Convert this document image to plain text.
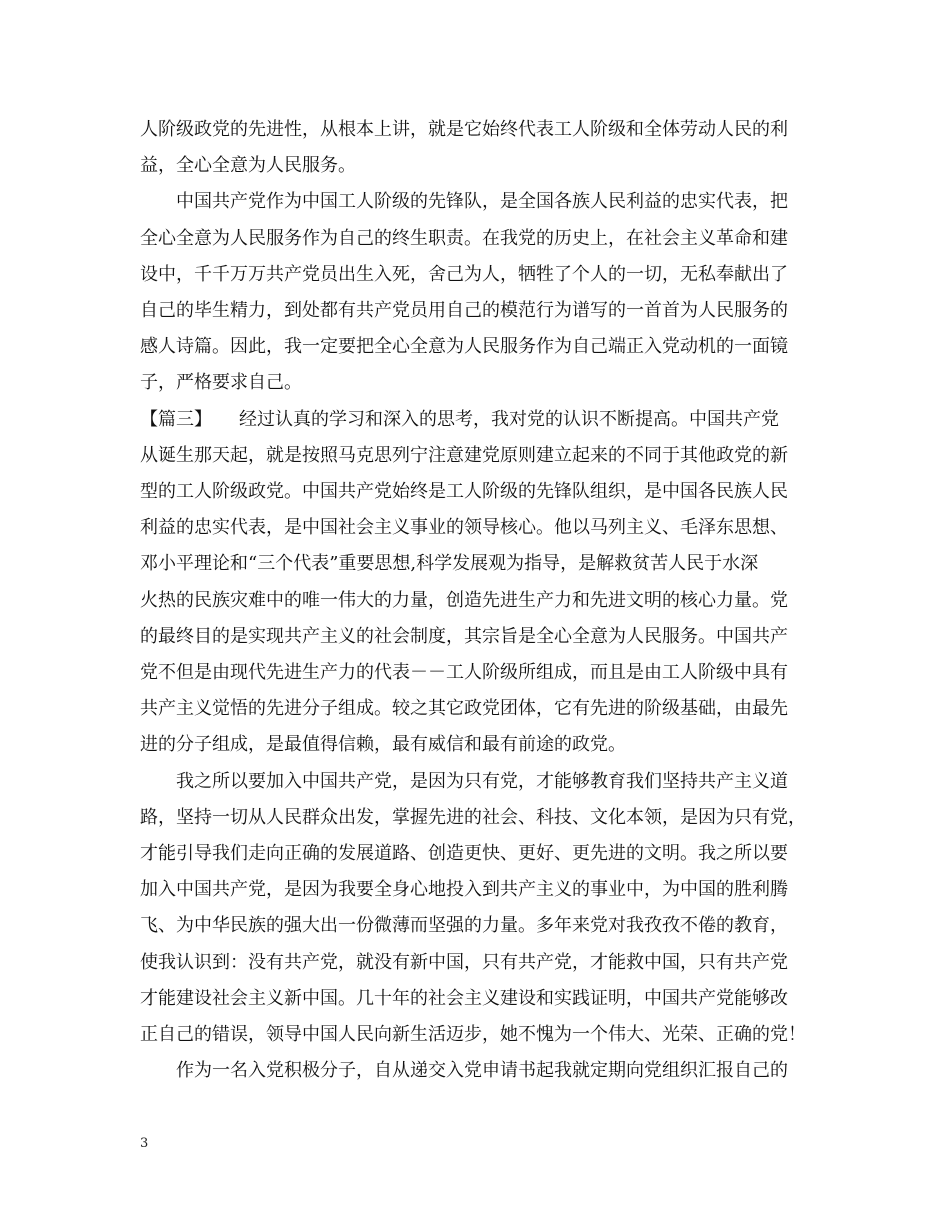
人阶级政党的先进性，从根本上讲，就是它始终代表工人阶级和全体劳动人民的利
益，全心全意为人民服务。
　　中国共产党作为中国工人阶级的先锋队，是全国各族人民利益的忠实代表，把
全心全意为人民服务作为自己的终生职责。在我党的历史上，在社会主义革命和建
设中，千千万万共产党员出生入死，舍己为人，牺牲了个人的一切，无私奉献出了
自己的毕生精力，到处都有共产党员用自己的模范行为谱写的一首首为人民服务的
感人诗篇。因此，我一定要把全心全意为人民服务作为自己端正入党动机的一面镜
子，严格要求自己。
【篇三】　　经过认真的学习和深入的思考，我对党的认识不断提高。中国共产党
从诞生那天起，就是按照马克思列宁注意建党原则建立起来的不同于其他政党的新
型的工人阶级政党。中国共产党始终是工人阶级的先锋队组织，是中国各民族人民
利益的忠实代表，是中国社会主义事业的领导核心。他以马列主义、毛泽东思想、
邓小平理论和“三个代表”重要思想,科学发展观为指导，是解救贫苦人民于水深
火热的民族灾难中的唯一伟大的力量，创造先进生产力和先进文明的核心力量。党
的最终目的是实现共产主义的社会制度，其宗旨是全心全意为人民服务。中国共产
党不但是由现代先进生产力的代表－－工人阶级所组成，而且是由工人阶级中具有
共产主义觉悟的先进分子组成。较之其它政党团体，它有先进的阶级基础，由最先
进的分子组成，是最值得信赖，最有威信和最有前途的政党。
　　我之所以要加入中国共产党，是因为只有党，才能够教育我们坚持共产主义道
路，坚持一切从人民群众出发，掌握先进的社会、科技、文化本领，是因为只有党，
才能引导我们走向正确的发展道路、创造更快、更好、更先进的文明。我之所以要
加入中国共产党，是因为我要全身心地投入到共产主义的事业中，为中国的胜利腾
飞、为中华民族的强大出一份微薄而坚强的力量。多年来党对我孜孜不倦的教育，
使我认识到：没有共产党，就没有新中国，只有共产党，才能救中国，只有共产党
才能建设社会主义新中国。几十年的社会主义建设和实践证明，中国共产党能够改
正自己的错误，领导中国人民向新生活迈步，她不愧为一个伟大、光荣、正确的党！
　　作为一名入党积极分子，自从递交入党申请书起我就定期向党组织汇报自己的
3
